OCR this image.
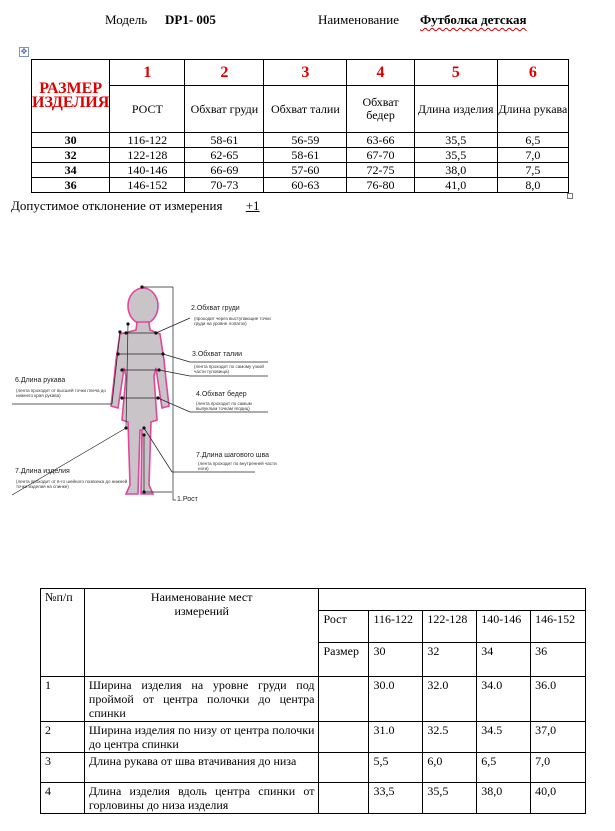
Модель DP1- 005	Наименование Футболка детская
✥
РАЗМЕР ИЗДЕЛИЯ	1	2	3	4	5	6
	РОСТ	Обхват груди	Обхват талии	Обхват бедер	Длина изделия	Длина рукава
30	116-122	58-61	56-59	63-66	35,5	6,5
32	122-128	62-65	58-61	67-70	35,5	7,0
34	140-146	66-69	57-60	72-75	38,0	7,5
36	146-152	70-73	60-63	76-80	41,0	8,0
Допустимое отклонение от измерения +1
2.Обхват груди
(проходит через выступающие точки груди на уровне лопаток)
3.Обхват талии
(лента проходит по самому узкой части туловища)
4.Обхват бедер
(лента проходит по самым выпуклым точкам ягодиц)
6.Длина рукава
(лента проходит от высшей точки плеча до нижнего края рукава)
7.Длина шагового шва
(лента проходит по внутренней части ноги)
7.Длина изделия
(лента проходит от 6-го шейного позвонка до нижней точки изделия на спинке)
1.Рост
№п/п	Наименование мест измерений					

		Рост	116-122	122-128	140-146	146-152
		Размер	30	32	34	36
1	Ширина изделия на уровне груди под проймой от центра полочки до центра спинки		30.0	32.0	34.0	36.0
2	Ширина изделия по низу от центра полочки до центра спинки		31.0	32.5	34.5	37,0
3	Длина рукава от шва втачивания до низа		5,5	6,0	6,5	7,0
4	Длина изделия вдоль центра спинки от горловины до низа изделия		33,5	35,5	38,0	40,0
